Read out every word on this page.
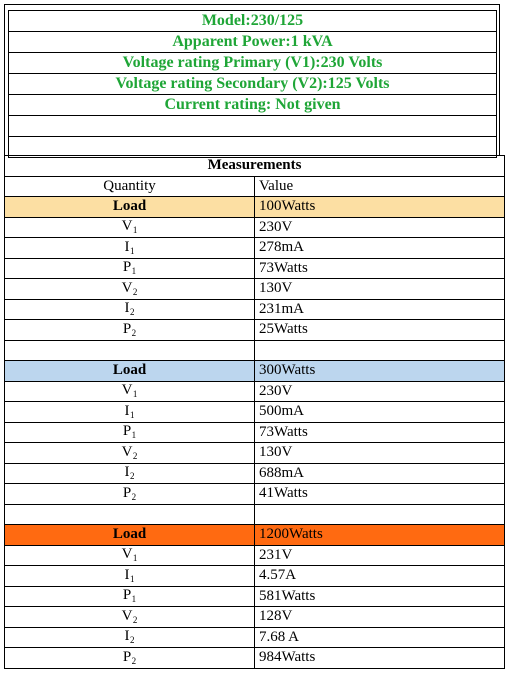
Model:230/125
Apparent Power:1 kVA
Voltage rating Primary (V1):230 Volts
Voltage rating Secondary (V2):125 Volts
Current rating: Not given

Measurements	
Quantity	Value
Load	100Watts
$V_1$	230V
$I_1$	278mA
$P_1$	73Watts
$V_2$	130V
$I_2$	231mA
$P_2$	25Watts

Load	300Watts
$V_1$	230V
$I_1$	500mA
$P_1$	73Watts
$V_2$	130V
$I_2$	688mA
$P_2$	41Watts

Load	1200Watts
$V_1$	231V
$I_1$	4.57A
$P_1$	581Watts
$V_2$	128V
$I_2$	7.68 A
$P_2$	984Watts
